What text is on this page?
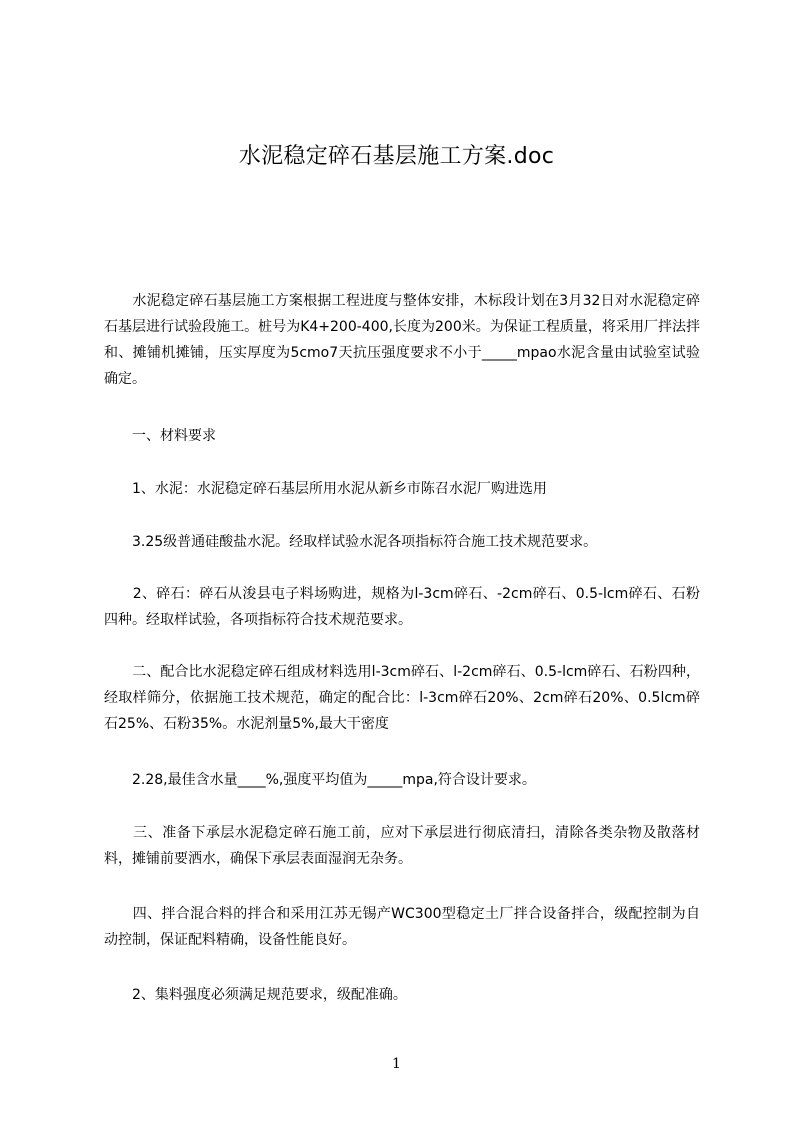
水泥稳定碎石基层施工方案.doc

　　水泥稳定碎石基层施工方案根据工程进度与整体安排，木标段计划在3月32日对水泥稳定碎石基层进行试验段施工。桩号为K4+200-400,长度为200米。为保证工程质量，将采用厂拌法拌和、摊铺机摊铺，压实厚度为5cmo7天抗压强度要求不小于_____mpao水泥含量由试验室试验确定。

　　一、材料要求

　　1、水泥：水泥稳定碎石基层所用水泥从新乡市陈召水泥厂购进选用

　　3.25级普通硅酸盐水泥。经取样试验水泥各项指标符合施工技术规范要求。

　　2、碎石：碎石从浚县屯子料场购进，规格为l-3cm碎石、-2cm碎石、0.5-lcm碎石、石粉四种。经取样试验，各项指标符合技术规范要求。

　　二、配合比水泥稳定碎石组成材料选用l-3cm碎石、l-2cm碎石、0.5-lcm碎石、石粉四种，经取样筛分，依据施工技术规范，确定的配合比：l-3cm碎石20%、2cm碎石20%、0.5lcm碎石25%、石粉35%。水泥剂量5%,最大干密度

　　2.28,最佳含水量____%,强度平均值为_____mpa,符合设计要求。

　　三、准备下承层水泥稳定碎石施工前，应对下承层进行彻底清扫，清除各类杂物及散落材料，摊铺前要洒水，确保下承层表面湿润无杂务。

　　四、拌合混合料的拌合和采用江苏无锡产WC300型稳定土厂拌合设备拌合，级配控制为自动控制，保证配料精确，设备性能良好。

　　2、集料强度必须满足规范要求，级配准确。

1
